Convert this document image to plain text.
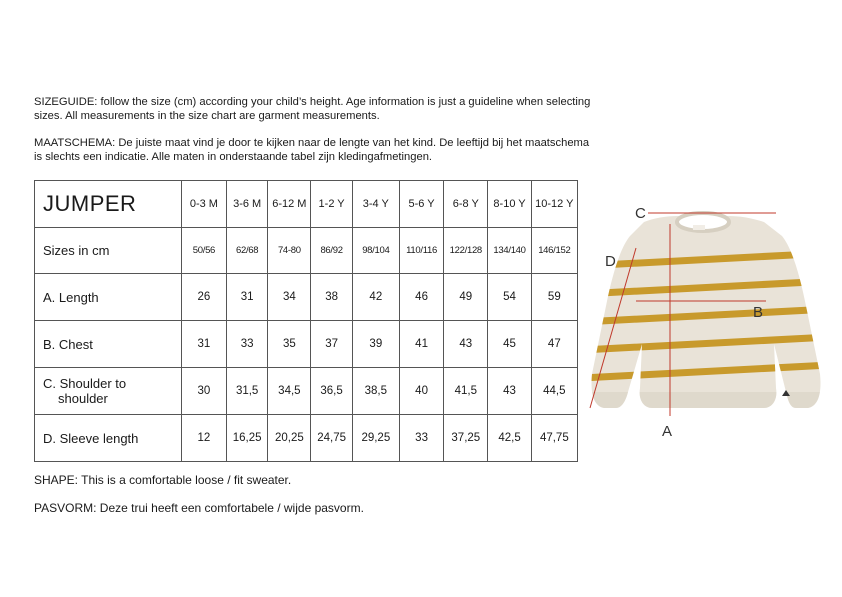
SIZEGUIDE: follow the size (cm) according your child’s height. Age information is just a guideline when selecting sizes. All measurements in the size chart are garment measurements.

MAATSCHEMA: De juiste maat vind je door te kijken naar de lengte van het kind. De leeftijd bij het maatschema is slechts een indicatie. Alle maten in onderstaande tabel zijn kledingafmetingen.

JUMPER	0-3 M	3-6 M	6-12 M	1-2 Y	3-4 Y	5-6 Y	6-8 Y	8-10 Y	10-12 Y
Sizes in cm	50/56	62/68	74-80	86/92	98/104	110/116	122/128	134/140	146/152
A. Length	26	31	34	38	42	46	49	54	59
B. Chest	31	33	35	37	39	41	43	45	47
C. Shoulder to
shoulder	30	31,5	34,5	36,5	38,5	40	41,5	43	44,5
D. Sleeve length	12	16,25	20,25	24,75	29,25	33	37,25	42,5	47,75

SHAPE: This is a comfortable loose / fit sweater.

PASVORM: Deze trui heeft een comfortabele / wijde pasvorm.

C
D
B
A
